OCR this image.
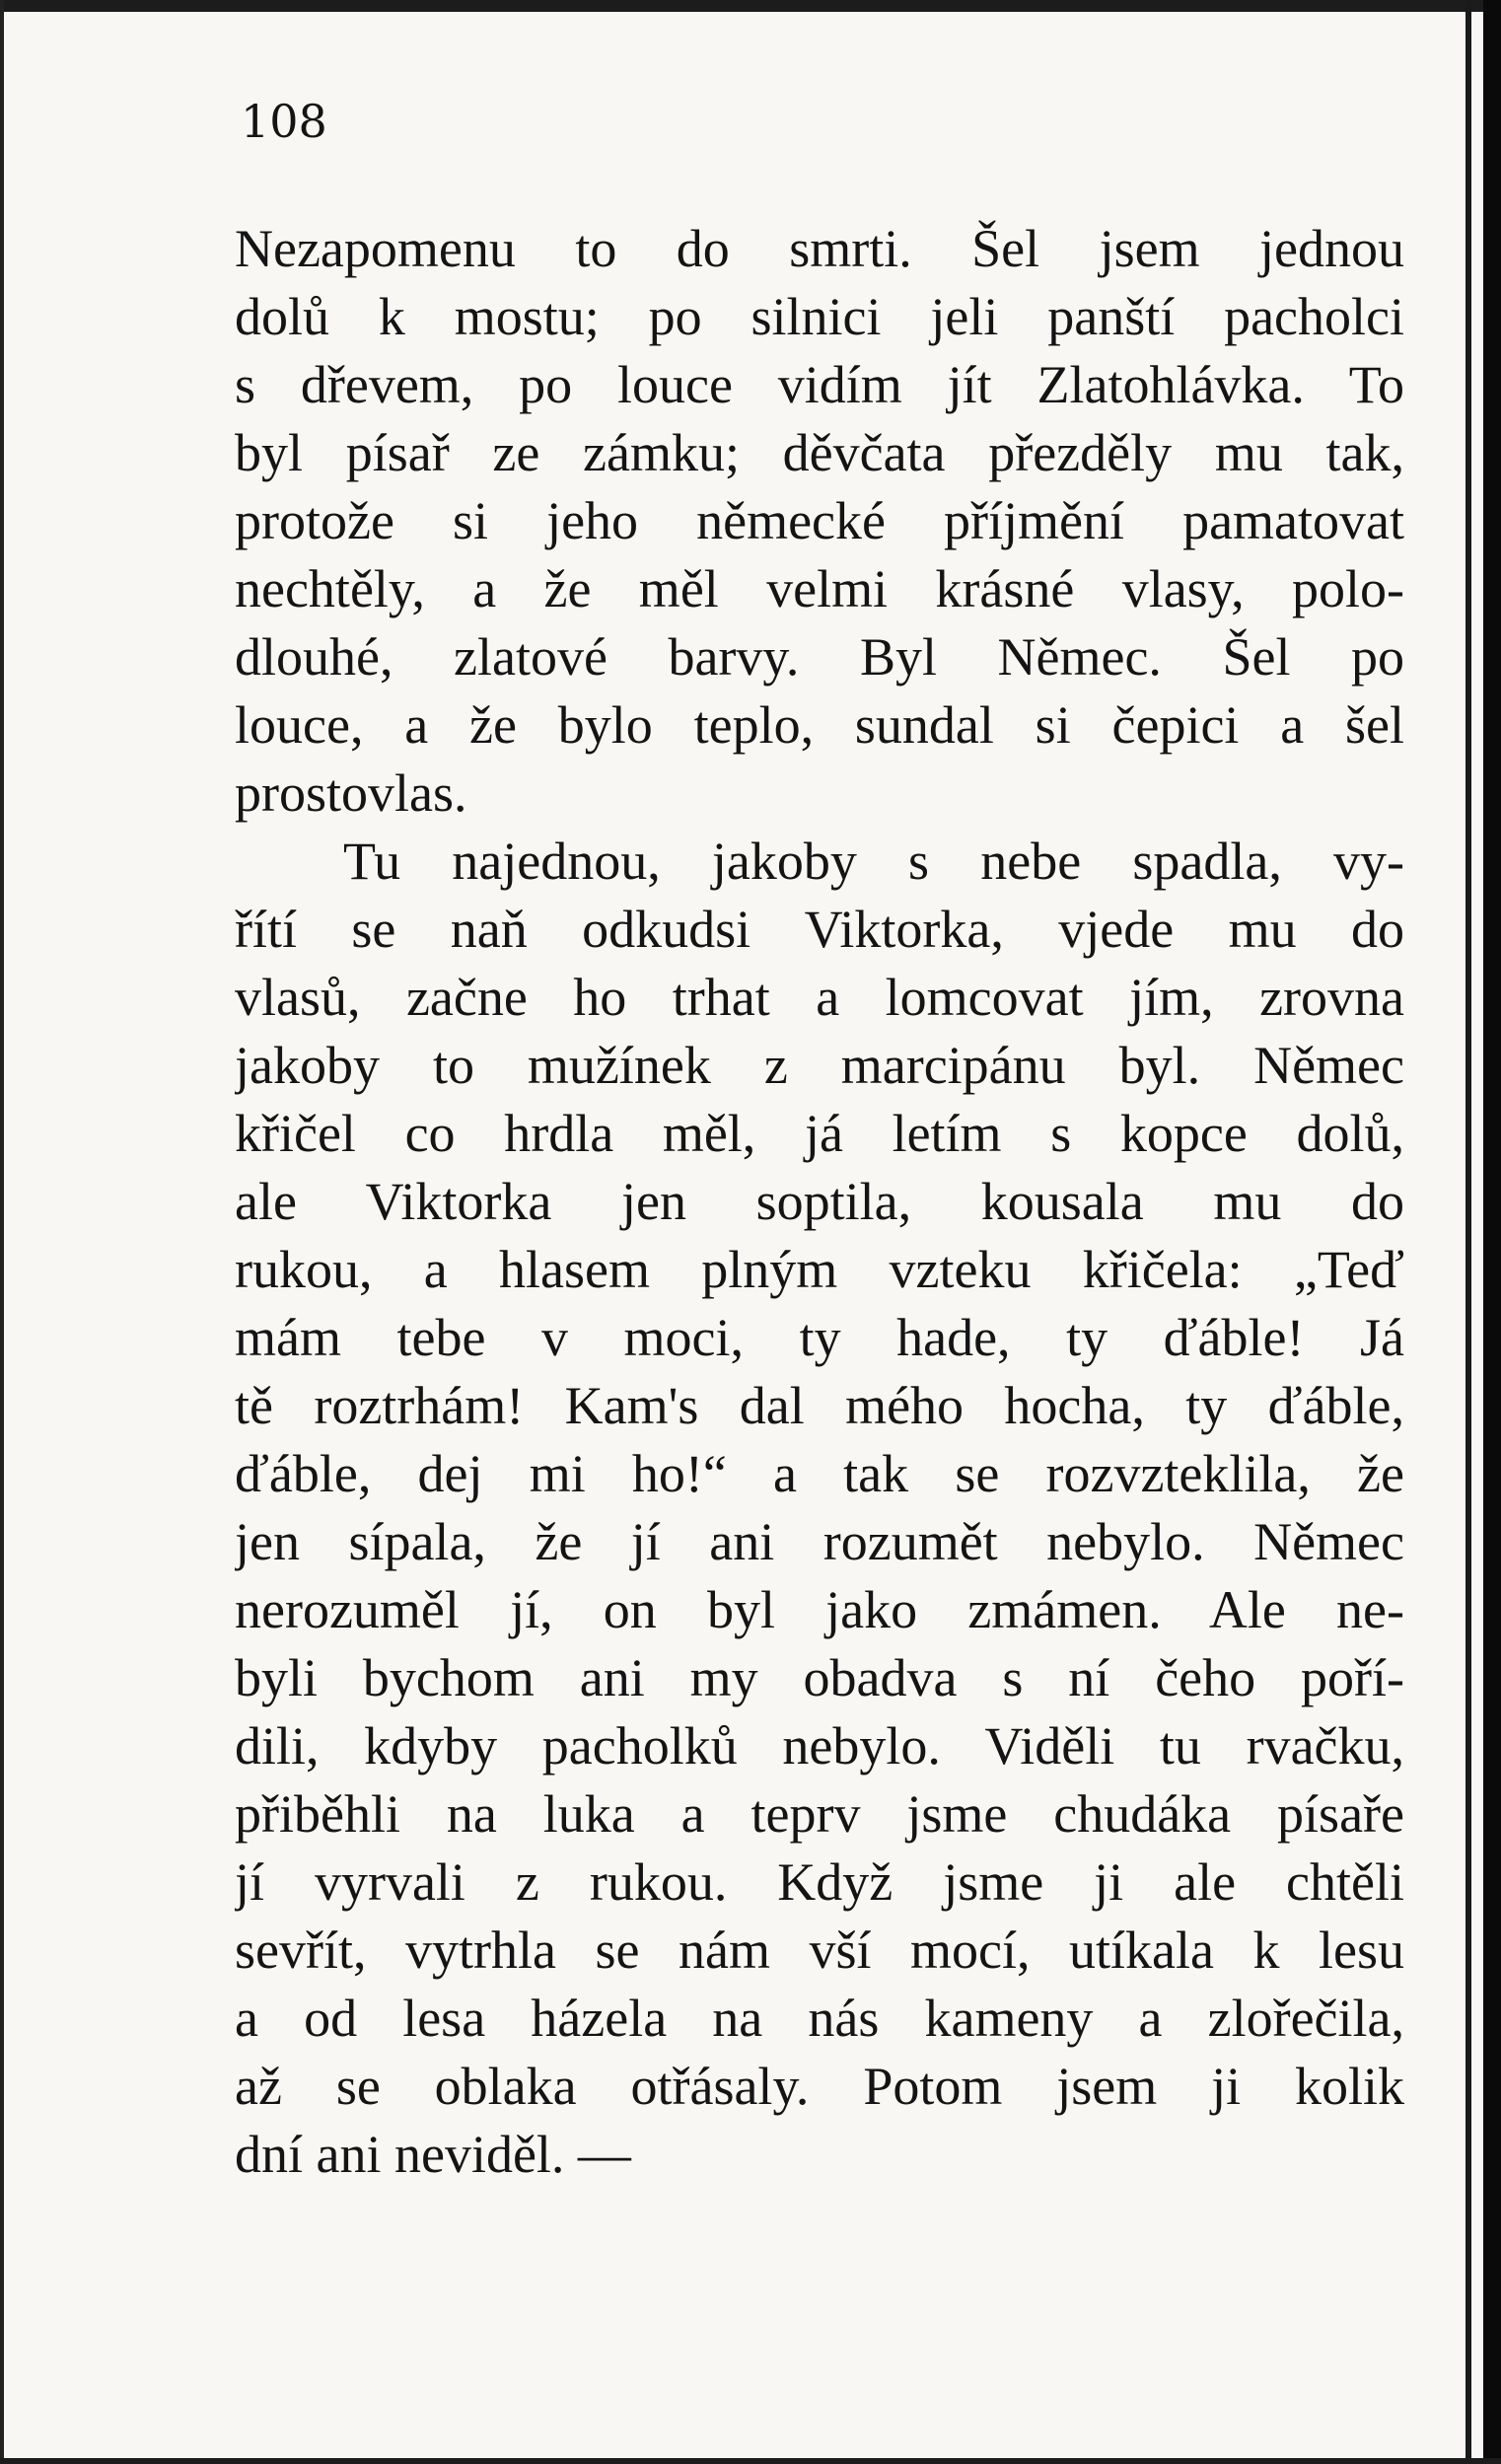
108
Nezapomenu to do smrti. Šel jsem jednou
dolů k mostu; po silnici jeli panští pacholci
s dřevem, po louce vidím jít Zlatohlávka. To
byl písař ze zámku; děvčata přezděly mu tak,
protože si jeho německé příjmění pamatovat
nechtěly, a že měl velmi krásné vlasy, polo-
dlouhé, zlatové barvy. Byl Němec. Šel po
louce, a že bylo teplo, sundal si čepici a šel
prostovlas.
Tu najednou, jakoby s nebe spadla, vy-
řítí se naň odkudsi Viktorka, vjede mu do
vlasů, začne ho trhat a lomcovat jím, zrovna
jakoby to mužínek z marcipánu byl. Němec
křičel co hrdla měl, já letím s kopce dolů,
ale Viktorka jen soptila, kousala mu do
rukou, a hlasem plným vzteku křičela: „Teď
mám tebe v moci, ty hade, ty ďáble! Já
tě roztrhám! Kam's dal mého hocha, ty ďáble,
ďáble, dej mi ho!“ a tak se rozvzteklila, že
jen sípala, že jí ani rozumět nebylo. Němec
nerozuměl jí, on byl jako zmámen. Ale ne-
byli bychom ani my obadva s ní čeho poří-
dili, kdyby pacholků nebylo. Viděli tu rvačku,
přiběhli na luka a teprv jsme chudáka písaře
jí vyrvali z rukou. Když jsme ji ale chtěli
sevřít, vytrhla se nám vší mocí, utíkala k lesu
a od lesa házela na nás kameny a zlořečila,
až se oblaka otřásaly. Potom jsem ji kolik
dní ani neviděl. —
